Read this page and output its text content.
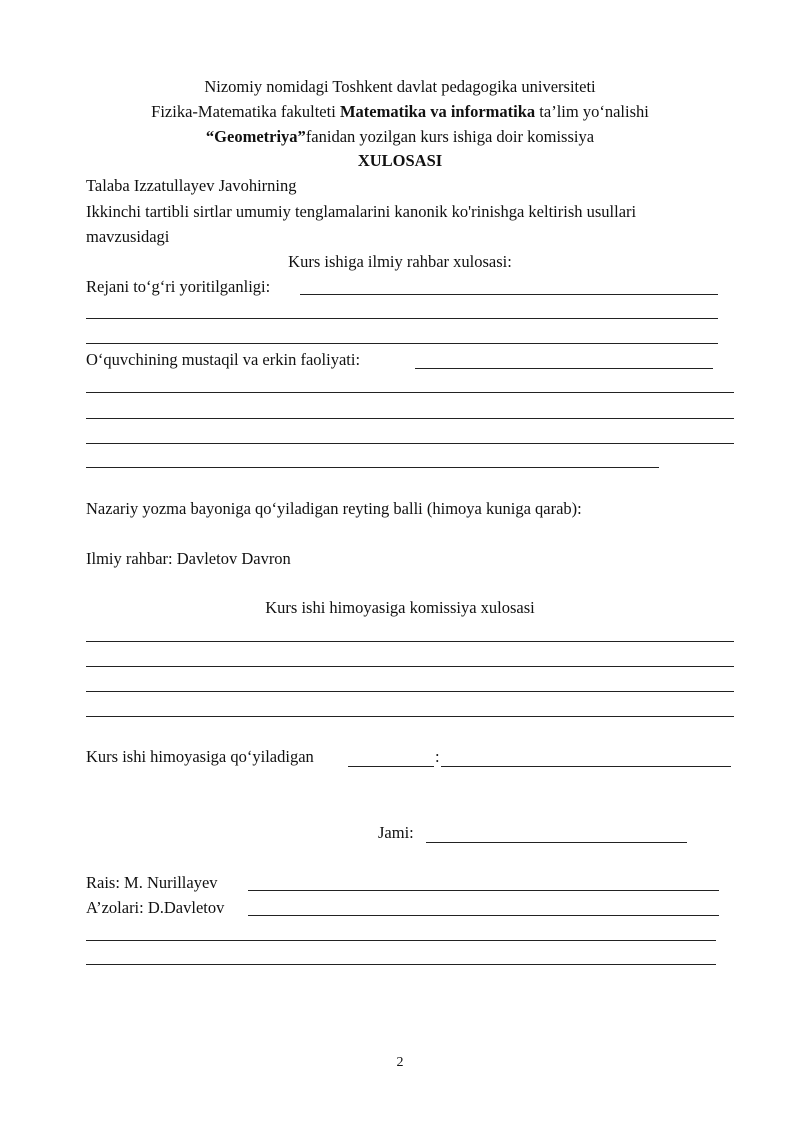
Nizomiy nomidagi Toshkent davlat pedagogika universiteti
Fizika-Matematika fakulteti Matematika va informatika ta’lim yo‘nalishi
“Geometriya”fanidan yozilgan kurs ishiga doir komissiya
XULOSASI
Talaba Izzatullayev Javohirning
Ikkinchi tartibli sirtlar umumiy tenglamalarini kanonik ko'rinishga keltirish usullari
mavzusidagi
Kurs ishiga ilmiy rahbar xulosasi:
Rejani to‘g‘ri yoritilganligi:
O‘quvchining mustaqil va erkin faoliyati:
Nazariy yozma bayoniga qo‘yiladigan reyting balli (himoya kuniga qarab):
Ilmiy rahbar: Davletov Davron
Kurs ishi himoyasiga komissiya xulosasi
Kurs ishi himoyasiga qo‘yiladigan	:
Jami:
Rais: M. Nurillayev
A’zolari: D.Davletov
2
